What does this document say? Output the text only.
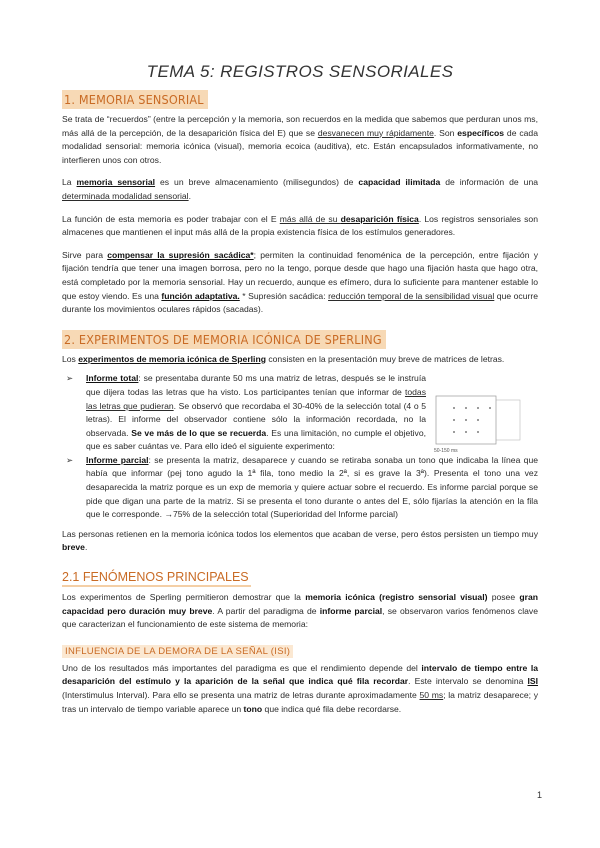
TEMA 5: REGISTROS SENSORIALES
1. MEMORIA SENSORIAL

Se trata de “recuerdos” (entre la percepción y la memoria, son recuerdos en la medida que sabemos que perduran unos ms, más allá de la percepción, de la desaparición física del E) que se desvanecen muy rápidamente. Son específicos de cada modalidad sensorial: memoria icónica (visual), memoria ecoica (auditiva), etc. Están encapsulados informativamente, no interfieren unos con otros.

La memoria sensorial es un breve almacenamiento (milisegundos) de capacidad ilimitada de información de una determinada modalidad sensorial.

La función de esta memoria es poder trabajar con el E más allá de su desaparición física. Los registros sensoriales son almacenes que mantienen el input más allá de la propia existencia física de los estímulos generadores.

Sirve para compensar la supresión sacádica*; permiten la continuidad fenoménica de la percepción, entre fijación y fijación tendría que tener una imagen borrosa, pero no la tengo, porque desde que hago una fijación hasta que hago otra, está completado por la memoria sensorial. Hay un recuerdo, aunque es efímero, dura lo suficiente para mantener estable lo que estoy viendo. Es una función adaptativa. * Supresión sacádica: reducción temporal de la sensibilidad visual que ocurre durante los movimientos oculares rápidos (sacadas).

2. EXPERIMENTOS DE MEMORIA ICÓNICA DE SPERLING

Los experimentos de memoria icónica de Sperling consisten en la presentación muy breve de matrices de letras.

➢ Informe total: se presentaba durante 50 ms una matriz de letras, después se le instruía que dijera todas las letras que ha visto. Los participantes tenían que informar de todas las letras que pudieran. Se observó que recordaba el 30-40% de la selección total (4 o 5 letras). El informe del observador contiene sólo la información recordada, no la observada. Se ve más de lo que se recuerda. Es una limitación, no cumple el objetivo, que es saber cuántas ve. Para ello ideó el siguiente experimento:
➢ Informe parcial: se presenta la matriz, desaparece y cuando se retiraba sonaba un tono que indicaba la línea que había que informar (pej tono agudo la 1ª fila, tono medio la 2ª, si es grave la 3ª). Presenta el tono una vez desaparecida la matriz porque es un exp de memoria y quiere actuar sobre el recuerdo. Es informe parcial porque se pide que digan una parte de la matriz. Si se presenta el tono durante o antes del E, sólo fijarías la atención en la fila que le corresponde. →75% de la selección total (Superioridad del Informe parcial)

Las personas retienen en la memoria icónica todos los elementos que acaban de verse, pero éstos persisten un tiempo muy breve.

2.1 FENÓMENOS PRINCIPALES

Los experimentos de Sperling permitieron demostrar que la memoria icónica (registro sensorial visual) posee gran capacidad pero duración muy breve. A partir del paradigma de informe parcial, se observaron varios fenómenos clave que caracterizan el funcionamiento de este sistema de memoria:

INFLUENCIA DE LA DEMORA DE LA SEÑAL (ISI)

Uno de los resultados más importantes del paradigma es que el rendimiento depende del intervalo de tiempo entre la desaparición del estímulo y la aparición de la señal que indica qué fila recordar. Este intervalo se denomina ISI (Interstimulus Interval). Para ello se presenta una matriz de letras durante aproximadamente 50 ms; la matriz desaparece; y tras un intervalo de tiempo variable aparece un tono que indica qué fila debe recordarse.

50-150 ms
1
